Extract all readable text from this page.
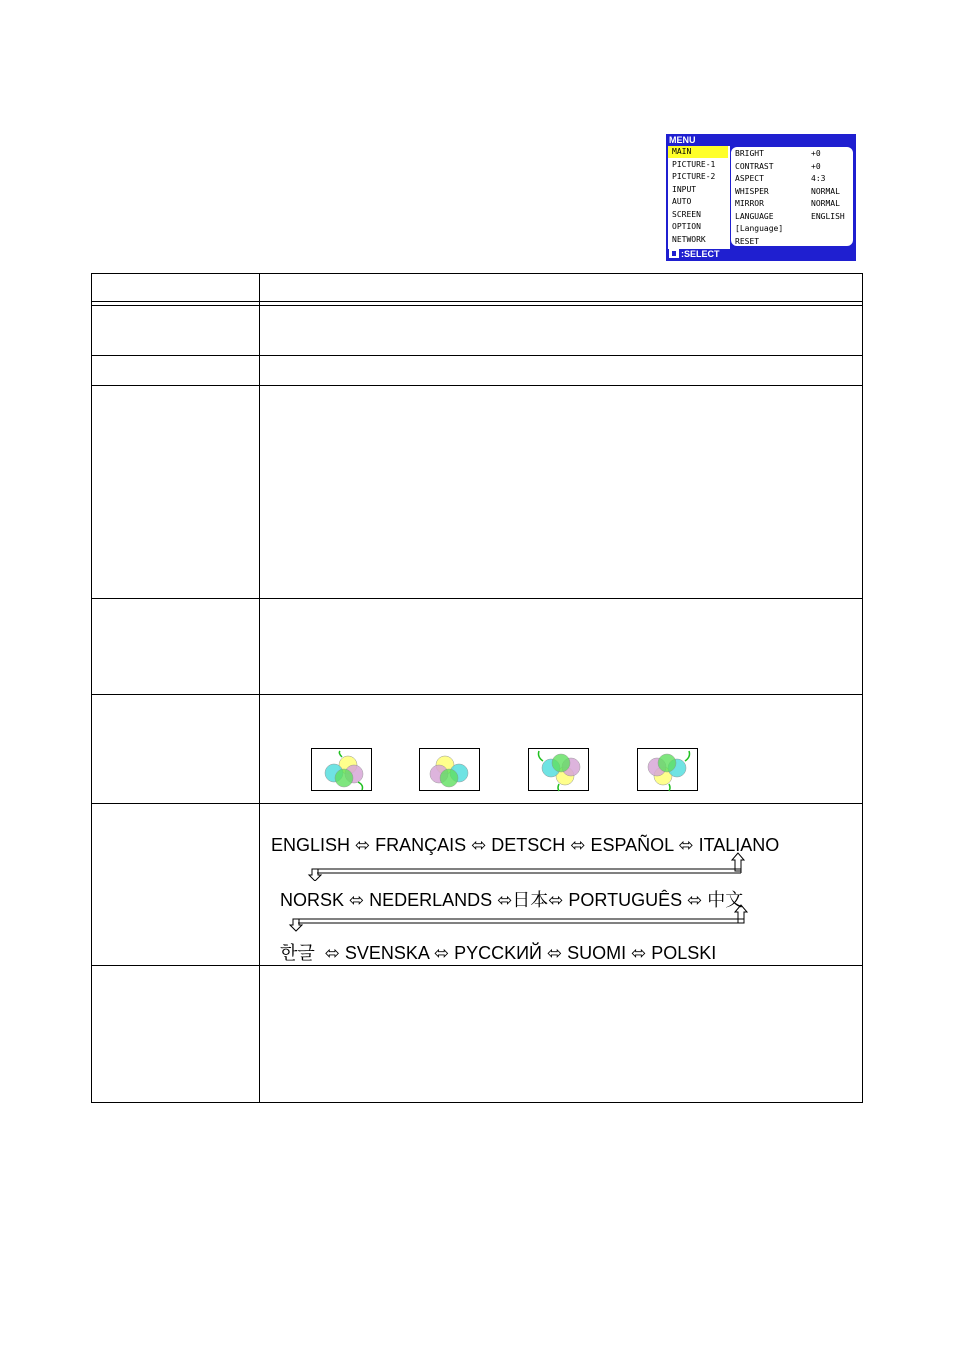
MENU
MAIN
PICTURE-1
PICTURE-2
INPUT
AUTO
SCREEN
OPTION
NETWORK
BRIGHT	+0
CONTRAST	+0
ASPECT	4:3
WHISPER	NORMAL
MIRROR	NORMAL
LANGUAGE	ENGLISH
[Language]
RESET
:SELECT
ENGLISH ⬄ FRANÇAIS ⬄ DETSCH ⬄ ESPAÑOL ⬄ ITALIANO
NORSK ⬄ NEDERLANDS ⬄日本⬄ PORTUGUÊS ⬄ 中文
한글 ⬄ SVENSKA ⬄ PYCCKИЙ ⬄ SUOMI ⬄ POLSKI
